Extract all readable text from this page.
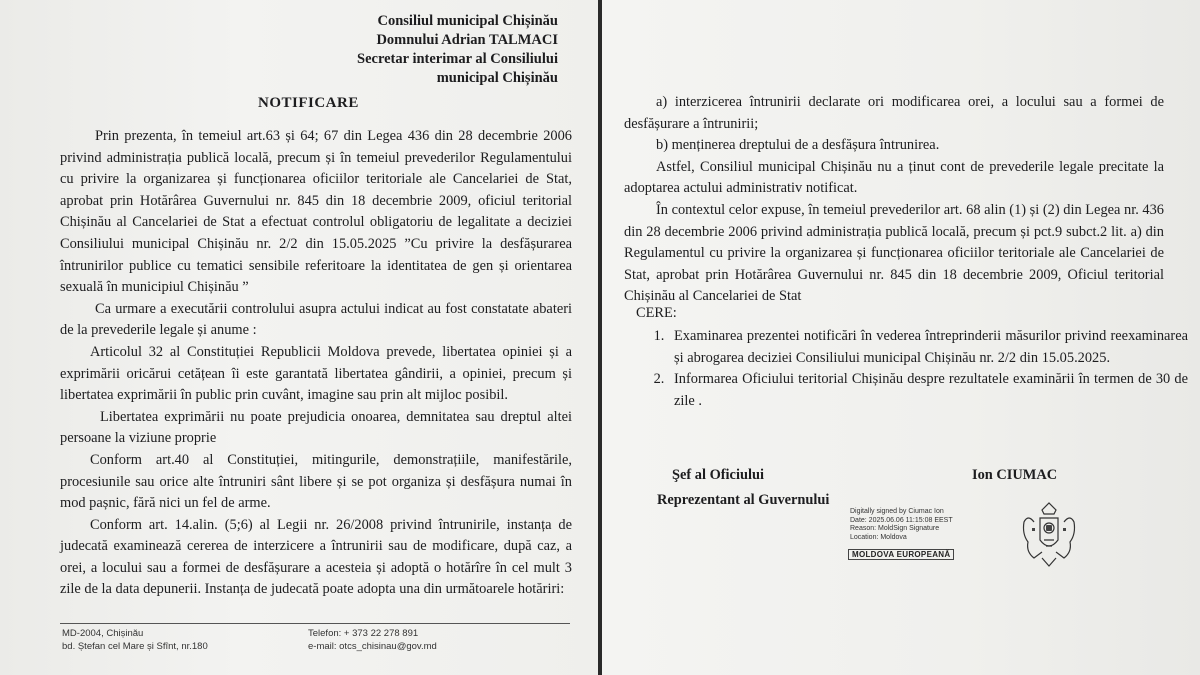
Consiliul municipal Chișinău
Domnului Adrian TALMACI
Secretar interimar al Consiliului
municipal Chișinău
NOTIFICARE

Prin prezenta, în temeiul art.63 și 64; 67 din Legea 436 din 28 decembrie 2006 privind administrația publică locală, precum și în temeiul prevederilor Regulamentului cu privire la organizarea și funcționarea oficiilor teritoriale ale Cancelariei de Stat, aprobat prin Hotărârea Guvernului nr. 845 din 18 decembrie 2009, oficiul teritorial Chișinău al Cancelariei de Stat a efectuat controlul obligatoriu de legalitate a deciziei Consiliului municipal Chișinău nr. 2/2 din 15.05.2025 ”Cu privire la desfășurarea întrunirilor publice cu tematici sensibile referitoare la identitatea de gen și orientarea sexuală în municipiul Chișinău ”

Ca urmare a executării controlului asupra actului indicat au fost constatate abateri de la prevederile legale și anume :

Articolul 32 al Constituției Republicii Moldova prevede, libertatea opiniei și a exprimării oricărui cetățean îi este garantată libertatea gândirii, a opiniei, precum și libertatea exprimării în public prin cuvânt, imagine sau prin alt mijloc posibil.

Libertatea exprimării nu poate prejudicia onoarea, demnitatea sau dreptul altei persoane la viziune proprie

Conform art.40 al Constituției, mitingurile, demonstrațiile, manifestările, procesiunile sau orice alte întruniri sânt libere și se pot organiza și desfășura numai în mod pașnic, fără nici un fel de arme.

Conform art. 14.alin. (5;6) al Legii nr. 26/2008 privind întrunirile, instanța de judecată examinează cererea de interzicere a întrunirii sau de modificare, după caz, a orei, a locului sau a formei de desfășurare a acesteia și adoptă o hotărîre în cel mult 3 zile de la data depunerii. Instanța de judecată poate adopta una din următoarele hotăriri:

MD-2004, Chișinău
bd. Ștefan cel Mare și Sfînt, nr.180
Telefon: + 373 22 278 891
e-mail: otcs_chisinau@gov.md

a) interzicerea întrunirii declarate ori modificarea orei, a locului sau a formei de desfășurare a întrunirii;

b) menținerea dreptului de a desfășura întrunirea.

Astfel, Consiliul municipal Chișinău nu a ținut cont de prevederile legale precitate la adoptarea actului administrativ notificat.

În contextul celor expuse, în temeiul prevederilor art. 68 alin (1) și (2) din Legea nr. 436 din 28 decembrie 2006 privind administrația publică locală, precum și pct.9 subct.2 lit. a) din Regulamentul cu privire la organizarea și funcționarea oficiilor teritoriale ale Cancelariei de Stat, aprobat prin Hotărârea Guvernului nr. 845 din 18 decembrie 2009, Oficiul teritorial Chișinău al Cancelariei de Stat

CERE:
1. Examinarea prezentei notificări în vederea întreprinderii măsurilor privind reexaminarea și abrogarea deciziei Consiliului municipal Chișinău nr. 2/2 din 15.05.2025.
2. Informarea Oficiului teritorial Chișinău despre rezultatele examinării în termen de 30 de zile .
Şef al Oficiului
Reprezentant al Guvernului
Ion CIUMAC
Digitally signed by Ciumac Ion
Date: 2025.06.06 11:15:08 EEST
Reason: MoldSign Signature
Location: Moldova
MOLDOVA EUROPEANĂ
